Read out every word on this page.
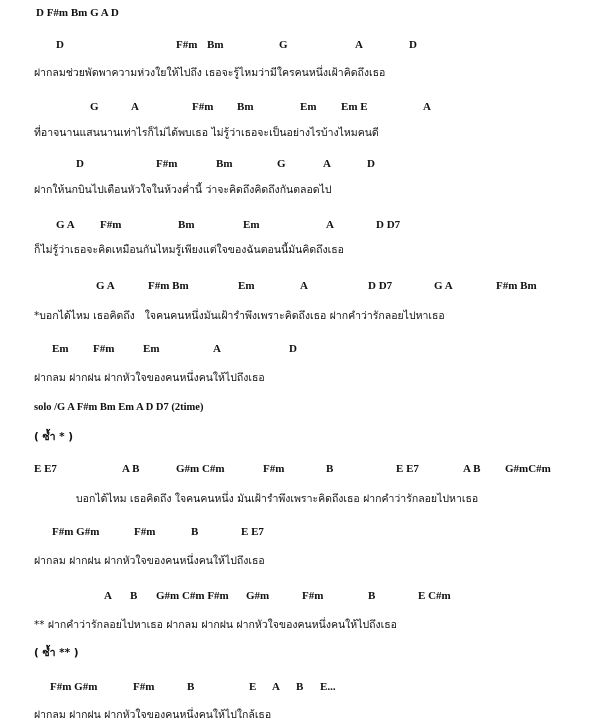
D F#m Bm G A D
D	F#m Bm	G	A	D
ฝากลมช่วยพัดพาความห่วงใยให้ไปถึง เธอจะรู้ไหมว่ามีใครคนหนึ่งเฝ้าคิดถึงเธอ
G	A	F#m Bm	Em Em E	A
ที่อาจนานแสนนานเท่าไรก็ไม่ได้พบเธอ ไม่รู้ว่าเธอจะเป็นอย่างไรบ้างไหมคนดี
D	F#m	Bm	G	A	D
ฝากให้นกบินไปเตือนหัวใจในห้วงค่ำนี้ ว่าจะคิดถึงคิดถึงกันตลอดไป
G A F#m	Bm	Em	A	D D7
ก็ไม่รู้ว่าเธอจะคิดเหมือนกันไหมรู้เพียงแต่ใจของฉันตอนนี้มันคิดถึงเธอ
G A	F#m Bm	Em	A	D D7	G A	F#m Bm
*บอกได้ไหม เธอคิดถึง   ใจคนคนหนึ่งมันเฝ้ารำพึงเพราะคิดถึงเธอ ฝากคำว่ารักลอยไปหาเธอ
Em F#m	Em	A	D
ฝากลม ฝากฝน ฝากหัวใจของคนหนึ่งคนให้ไปถึงเธอ
solo /G A F#m Bm Em A D D7 (2time)
( ซ้ำ * )
E E7	A B	G#m C#m	F#m	B	E E7	A B G#mC#m
บอกได้ไหม เธอคิดถึง ใจคนคนหนึ่ง มันเฝ้ารำพึงเพราะคิดถึงเธอ ฝากคำว่ารักลอยไปหาเธอ
F#m G#m	F#m	B	E E7
ฝากลม ฝากฝน ฝากหัวใจของคนหนึ่งคนให้ไปถึงเธอ
A B G#m C#m F#m G#m	F#m	B	E C#m
** ฝากคำว่ารักลอยไปหาเธอ ฝากลม ฝากฝน ฝากหัวใจของคนหนึ่งคนให้ไปถึงเธอ
( ซ้ำ ** )
F#m G#m	F#m	B	E A B E...
ฝากลม ฝากฝน ฝากหัวใจของคนหนึ่งคนให้ไปใกล้เธอ
